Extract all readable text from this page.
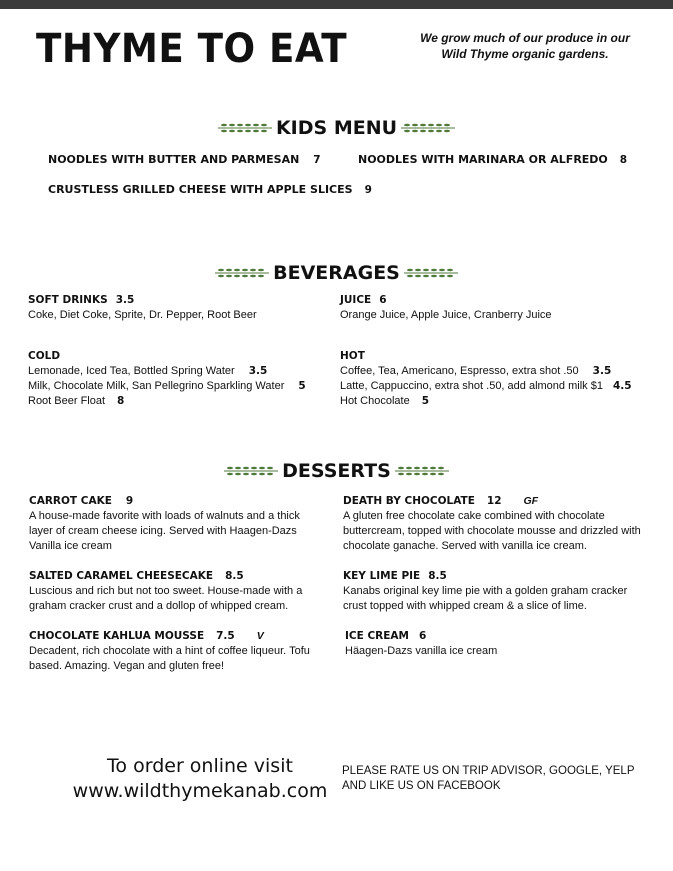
THYME TO EAT	We grow much of our produce in our
Wild Thyme organic gardens.
KIDS MENU
NOODLES WITH BUTTER AND PARMESAN 7	NOODLES WITH MARINARA OR ALFREDO 8
CRUSTLESS GRILLED CHEESE WITH APPLE SLICES 9
BEVERAGES
SOFT DRINKS 3.5
Coke, Diet Coke, Sprite, Dr. Pepper, Root Beer
JUICE 6
Orange Juice, Apple Juice, Cranberry Juice
COLD
Lemonade, Iced Tea, Bottled Spring Water 3.5
Milk, Chocolate Milk, San Pellegrino Sparkling Water 5
Root Beer Float 8
HOT
Coffee, Tea, Americano, Espresso, extra shot .50 3.5
Latte, Cappuccino, extra shot .50, add almond milk $1 4.5
Hot Chocolate 5
DESSERTS
CARROT CAKE 9
A house-made favorite with loads of walnuts and a thick layer of cream cheese icing. Served with Haagen-Dazs Vanilla ice cream
DEATH BY CHOCOLATE 12 GF
A gluten free chocolate cake combined with chocolate buttercream, topped with chocolate mousse and drizzled with chocolate ganache. Served with vanilla ice cream.
SALTED CARAMEL CHEESECAKE 8.5
Luscious and rich but not too sweet. House-made with a graham cracker crust and a dollop of whipped cream.
KEY LIME PIE 8.5
Kanabs original key lime pie with a golden graham cracker crust topped with whipped cream & a slice of lime.
CHOCOLATE KAHLUA MOUSSE 7.5 V
Decadent, rich chocolate with a hint of coffee liqueur. Tofu based. Amazing. Vegan and gluten free!
ICE CREAM 6
Häagen-Dazs vanilla ice cream
To order online visit
www.wildthymekanab.com
PLEASE RATE US ON TRIP ADVISOR, GOOGLE, YELP
AND LIKE US ON FACEBOOK
